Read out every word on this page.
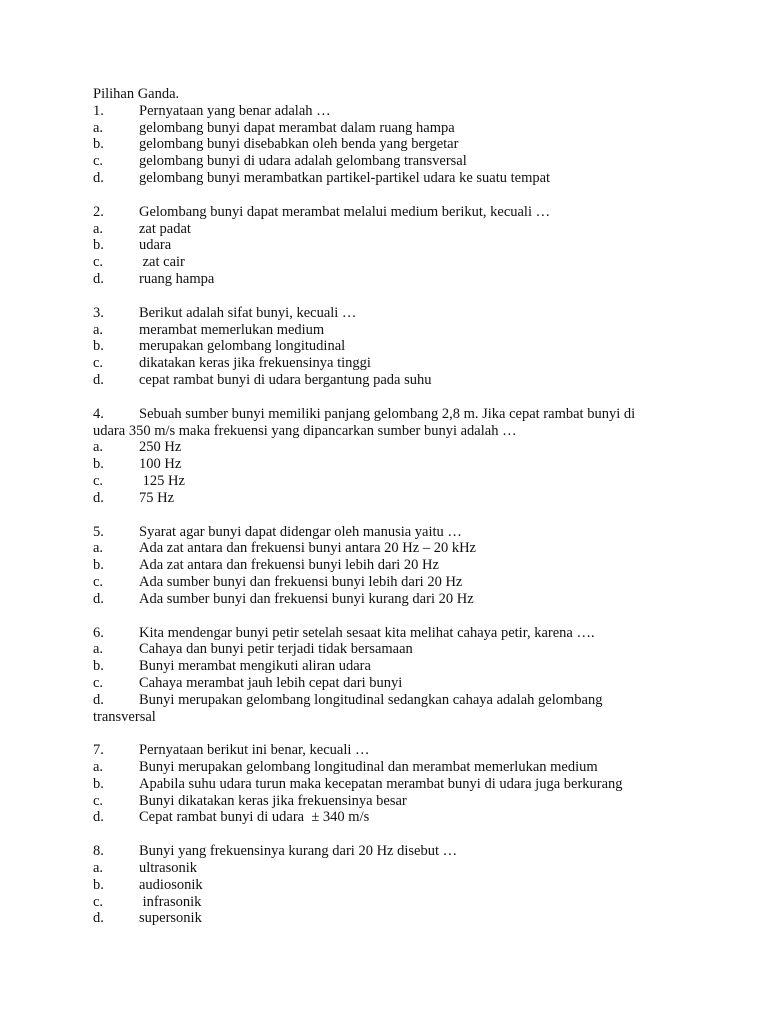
Pilihan Ganda.
1. Pernyataan yang benar adalah …
a. gelombang bunyi dapat merambat dalam ruang hampa
b. gelombang bunyi disebabkan oleh benda yang bergetar
c. gelombang bunyi di udara adalah gelombang transversal
d. gelombang bunyi merambatkan partikel-partikel udara ke suatu tempat
2. Gelombang bunyi dapat merambat melalui medium berikut, kecuali …
a. zat padat
b. udara
c. zat cair
d. ruang hampa
3. Berikut adalah sifat bunyi, kecuali …
a. merambat memerlukan medium
b. merupakan gelombang longitudinal
c. dikatakan keras jika frekuensinya tinggi
d. cepat rambat bunyi di udara bergantung pada suhu
4. Sebuah sumber bunyi memiliki panjang gelombang 2,8 m. Jika cepat rambat bunyi di
udara 350 m/s maka frekuensi yang dipancarkan sumber bunyi adalah …
a. 250 Hz
b. 100 Hz
c. 125 Hz
d. 75 Hz
5. Syarat agar bunyi dapat didengar oleh manusia yaitu …
a. Ada zat antara dan frekuensi bunyi antara 20 Hz – 20 kHz
b. Ada zat antara dan frekuensi bunyi lebih dari 20 Hz
c. Ada sumber bunyi dan frekuensi bunyi lebih dari 20 Hz
d. Ada sumber bunyi dan frekuensi bunyi kurang dari 20 Hz
6. Kita mendengar bunyi petir setelah sesaat kita melihat cahaya petir, karena ….
a. Cahaya dan bunyi petir terjadi tidak bersamaan
b. Bunyi merambat mengikuti aliran udara
c. Cahaya merambat jauh lebih cepat dari bunyi
d. Bunyi merupakan gelombang longitudinal sedangkan cahaya adalah gelombang
transversal
7. Pernyataan berikut ini benar, kecuali …
a. Bunyi merupakan gelombang longitudinal dan merambat memerlukan medium
b. Apabila suhu udara turun maka kecepatan merambat bunyi di udara juga berkurang
c. Bunyi dikatakan keras jika frekuensinya besar
d. Cepat rambat bunyi di udara  ± 340 m/s
8. Bunyi yang frekuensinya kurang dari 20 Hz disebut …
a. ultrasonik
b. audiosonik
c. infrasonik
d. supersonik
